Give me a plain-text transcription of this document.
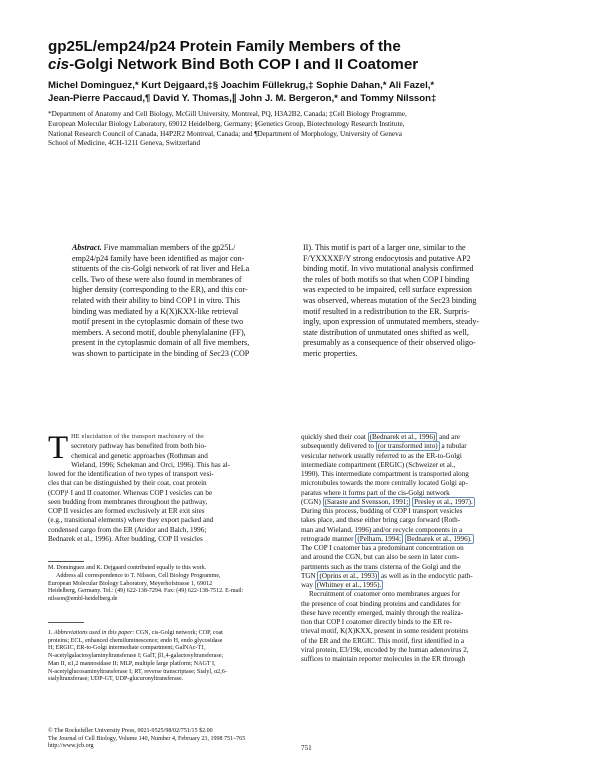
gp25L/emp24/p24 Protein Family Members of the
cis-Golgi Network Bind Both COP I and II Coatomer
Michel Dominguez,* Kurt Dejgaard,‡§ Joachim Füllekrug,‡ Sophie Dahan,* Ali Fazel,*
Jean-Pierre Paccaud,¶ David Y. Thomas,∥ John J. M. Bergeron,* and Tommy Nilsson‡
*Department of Anatomy and Cell Biology, McGill University, Montreal, PQ, H3A2B2, Canada; ‡Cell Biology Programme,
European Molecular Biology Laboratory, 69012 Heidelberg, Germany; §Genetics Group, Biotechnology Research Institute,
National Research Council of Canada, H4P2R2 Montreal, Canada; and ¶Department of Morphology, University of Geneva
School of Medicine, 4CH-1211 Geneva, Switzerland
Abstract. Five mammalian members of the gp25L/
emp24/p24 family have been identified as major con-
stituents of the cis-Golgi network of rat liver and HeLa
cells. Two of these were also found in membranes of
higher density (corresponding to the ER), and this cor-
related with their ability to bind COP I in vitro. This
binding was mediated by a K(X)KXX-like retrieval
motif present in the cytoplasmic domain of these two
members. A second motif, double phenylalanine (FF),
present in the cytoplasmic domain of all five members,
was shown to participate in the binding of Sec23 (COP
II). This motif is part of a larger one, similar to the
F/YXXXXF/Y strong endocytosis and putative AP2
binding motif. In vivo mutational analysis confirmed
the roles of both motifs so that when COP I binding
was expected to be impaired, cell surface expression
was observed, whereas mutation of the Sec23 binding
motif resulted in a redistribution to the ER. Surpris-
ingly, upon expression of unmutated members, steady-
state distribution of unmutated ones shifted as well,
presumably as a consequence of their observed oligo-
meric properties.
T HE elucidation of the transport machinery of the
secretory pathway has benefited from both bio-
chemical and genetic approaches (Rothman and
Wieland, 1996; Schekman and Orci, 1996). This has al-
lowed for the identification of two types of transport vesi-
cles that can be distinguished by their coat, coat protein
(COP)¹ I and II coatomer. Whereas COP I vesicles can be
seen budding from membranes throughout the pathway,
COP II vesicles are formed exclusively at ER exit sites
(e.g., transitional elements) where they export packed and
condensed cargo from the ER (Aridor and Balch, 1996;
Bednarek et al., 1996). After budding, COP II vesicles
M. Dominguez and K. Dejgaard contributed equally to this work.
Address all correspondence to T. Nilsson, Cell Biology Programme,
European Molecular Biology Laboratory, Meyerhofstrasse 1, 69012
Heidelberg, Germany. Tel.: (49) 622-138-7294. Fax: (49) 622-138-7512. E-mail:
nilsson@embl-heidelberg.de
1. Abbreviations used in this paper: CGN, cis-Golgi network; COP, coat
proteins; ECL, enhanced chemiluminescence; endo H, endo glycosidase
H; ERGIC, ER-to-Golgi intermediate compartment; GalNAc-T1,
N-acetylgalactosylaminyltransferase I; GalT, β1,4-galactosyltransferase;
Man II, α1,2 mannosidase II; MLP, multiple large platform; NAGT I,
N-acetylglucosaminyltransferase I; RT, reverse transcriptase; Sialyl, α2,6-
sialyltransferase; UDP-GT, UDP-glucuronyltransferase.
quickly shed their coat (Bednarek et al., 1996) and are
subsequently delivered to (or transformed into) a tubular
vesicular network usually referred to as the ER-to-Golgi
intermediate compartment (ERGIC) (Schweizer et al.,
1990). This intermediate compartment is transported along
microtubules towards the more centrally located Golgi ap-
paratus where it forms part of the cis-Golgi network
(CGN) (Saraste and Svensson, 1991; Presley et al., 1997).
During this process, budding of COP I transport vesicles
takes place, and these either bring cargo forward (Roth-
man and Wieland, 1996) and/or recycle components in a
retrograde manner (Pelham, 1994; Bednarek et al., 1996).
The COP I coatomer has a predominant concentration on
and around the CGN, but can also be seen in later com-
partments such as the trans cisterna of the Golgi and the
TGN (Oprins et al., 1993) as well as in the endocytic path-
way (Whitney et al., 1995).
Recruitment of coatomer onto membranes argues for
the presence of coat binding proteins and candidates for
these have recently emerged, mainly through the realiza-
tion that COP I coatomer directly binds to the ER re-
trieval motif, K(X)KXX, present in some resident proteins
of the ER and the ERGIC. This motif, first identified in a
viral protein, E3/19k, encoded by the human adenovirus 2,
suffices to maintain reporter molecules in the ER through
© The Rockefeller University Press, 0021-9525/98/02/751/15 $2.00
The Journal of Cell Biology, Volume 140, Number 4, February 23, 1998 751–765
http://www.jcb.org	751
